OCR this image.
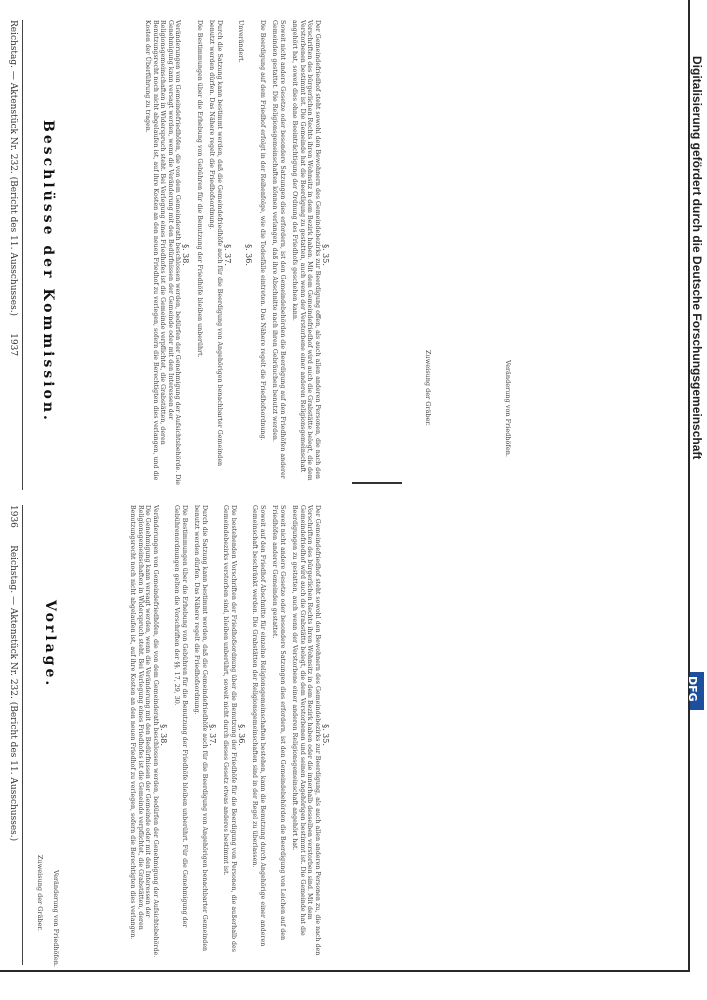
Digitalisierung gefördert durch die Deutsche Forschungsgemeinschaft
DFG
1936      Reichstag. — Aktenstück Nr. 232. (Bericht des 11. Ausschusses.) Vorlage.
§. 35.
Der Gemeindefriedhof steht sowohl den Bewohnern des Gemeindebezirks zur Beerdigung, als auch allen anderen Personen zu, die nach den Vorschriften des bürgerlichen Rechts ihren Wohnsitz in dem Bezirk haben oder die innerhalb desselben verstorben sind. Mit dem Gemeindefriedhof wird auch die Grabstätte belegt, die dem Verstorbenen und seinen Angehörigen bestimmt ist. Die Gemeinde hat die Beerdigungen zu gestatten, auch wenn der Verstorbene einer anderen Religionsgemeinschaft angehört hat.
Soweit nicht andere Gesetze oder besondere Satzungen dies erfordern, ist den Gemeindebehörden die Beerdigung von Leichen auf den Friedhöfen anderer Gemeinden gestattet.
Soweit auf den Friedhof Abschnitte für einzelne Religionsgemeinschaften bestehen, kann die Benutzung durch Angehörige einer anderen Gemeinschaft beschränkt werden. Die Grabstätten der Religionsgemeinschaften sind in der Regel zu überlassen.
§. 36.
Die bestehenden Vorschriften der Friedhofsordnung über die Benutzung der Friedhöfe für die Beerdigung von Personen, die außerhalb des Gemeindebezirks verstorben sind, bleiben unberührt, soweit nicht durch dieses Gesetz etwas anderes bestimmt ist.
§. 37.
Durch die Satzung kann bestimmt werden, daß die Gemeindefriedhöfe auch für die Beerdigung von Angehörigen benachbarter Gemeinden benutzt werden dürfen. Das Nähere regelt die Friedhofsordnung.
Die Bestimmungen über die Erhebung von Gebühren für die Benutzung der Friedhöfe bleiben unberührt. Für die Genehmigung der Gebührenordnungen gelten die Vorschriften der §§. 17, 29, 30.
§. 38.
Veränderungen von Gemeindefriedhöfen, die von dem Gemeinderath beschlossen werden, bedürfen der Genehmigung der Aufsichtsbehörde. Die Genehmigung kann versagt werden, wenn die Veränderung mit den Bedürfnissen der Gemeinde oder mit den Interessen der Religionsgemeinschaften in Widerspruch steht. Bei Verlegung eines Friedhofes ist die Gemeinde verpflichtet, die Grabstätten, deren Benutzungsrecht noch nicht abgelaufen ist, auf ihre Kosten an den neuen Friedhof zu verlegen, sofern die Berechtigten dies verlangen.
Zuweisung der Gräber. Veränderung von Friedhöfen.
Reichstag. — Aktenstück Nr. 232. (Bericht des 11. Ausschusses.)      1937 Beschlüsse der Kommission.	§. 35.
Der Gemeindefriedhof steht sowohl den Bewohnern des Gemeindebezirks zur Beerdigung offen, als auch allen anderen Personen, die nach den Vorschriften des bürgerlichen Rechts ihren Wohnsitz in dem Bezirk haben. Mit dem Gemeindefriedhof wird auch die Grabstätte belegt, die dem Verstorbenen bestimmt ist. Die Gemeinde hat die Beerdigung zu gestatten, auch wenn der Verstorbene einer anderen Religionsgemeinschaft angehört hat, soweit dies ohne Beeinträchtigung der Ordnung des Friedhofs geschehen kann.
Soweit nicht andere Gesetze oder besondere Satzungen dies erfordern, ist den Gemeindebehörden die Beerdigung auf den Friedhöfen anderer Gemeinden gestattet. Die Religionsgemeinschaften können verlangen, daß ihre Abschnitte nach ihren Gebräuchen benutzt werden.
Die Beerdigung auf dem Friedhof erfolgt in der Reihenfolge, wie die Todesfälle eintreten. Das Nähere regelt die Friedhofsordnung.
§. 36.
Unverändert.
§. 37.
Durch die Satzung kann bestimmt werden, daß die Gemeindefriedhöfe auch für die Beerdigung von Angehörigen benachbarter Gemeinden benutzt werden dürfen. Das Nähere regelt die Friedhofsordnung.
Die Bestimmungen über die Erhebung von Gebühren für die Benutzung der Friedhöfe bleiben unberührt.
§. 38.
Veränderungen von Gemeindefriedhöfen, die von dem Gemeinderath beschlossen werden, bedürfen der Genehmigung der Aufsichtsbehörde. Die Genehmigung kann versagt werden, wenn die Veränderung mit den Bedürfnissen der Gemeinde oder mit den Interessen der Religionsgemeinschaften in Widerspruch steht. Bei Verlegung eines Friedhofes ist die Gemeinde verpflichtet, die Grabstätten, deren Benutzungsrecht noch nicht abgelaufen ist, auf ihre Kosten an den neuen Friedhof zu verlegen, sofern die Berechtigten dies verlangen, und die Kosten der Überführung zu tragen.
Zuweisung der Gräber.	Veränderung von Friedhöfen.
